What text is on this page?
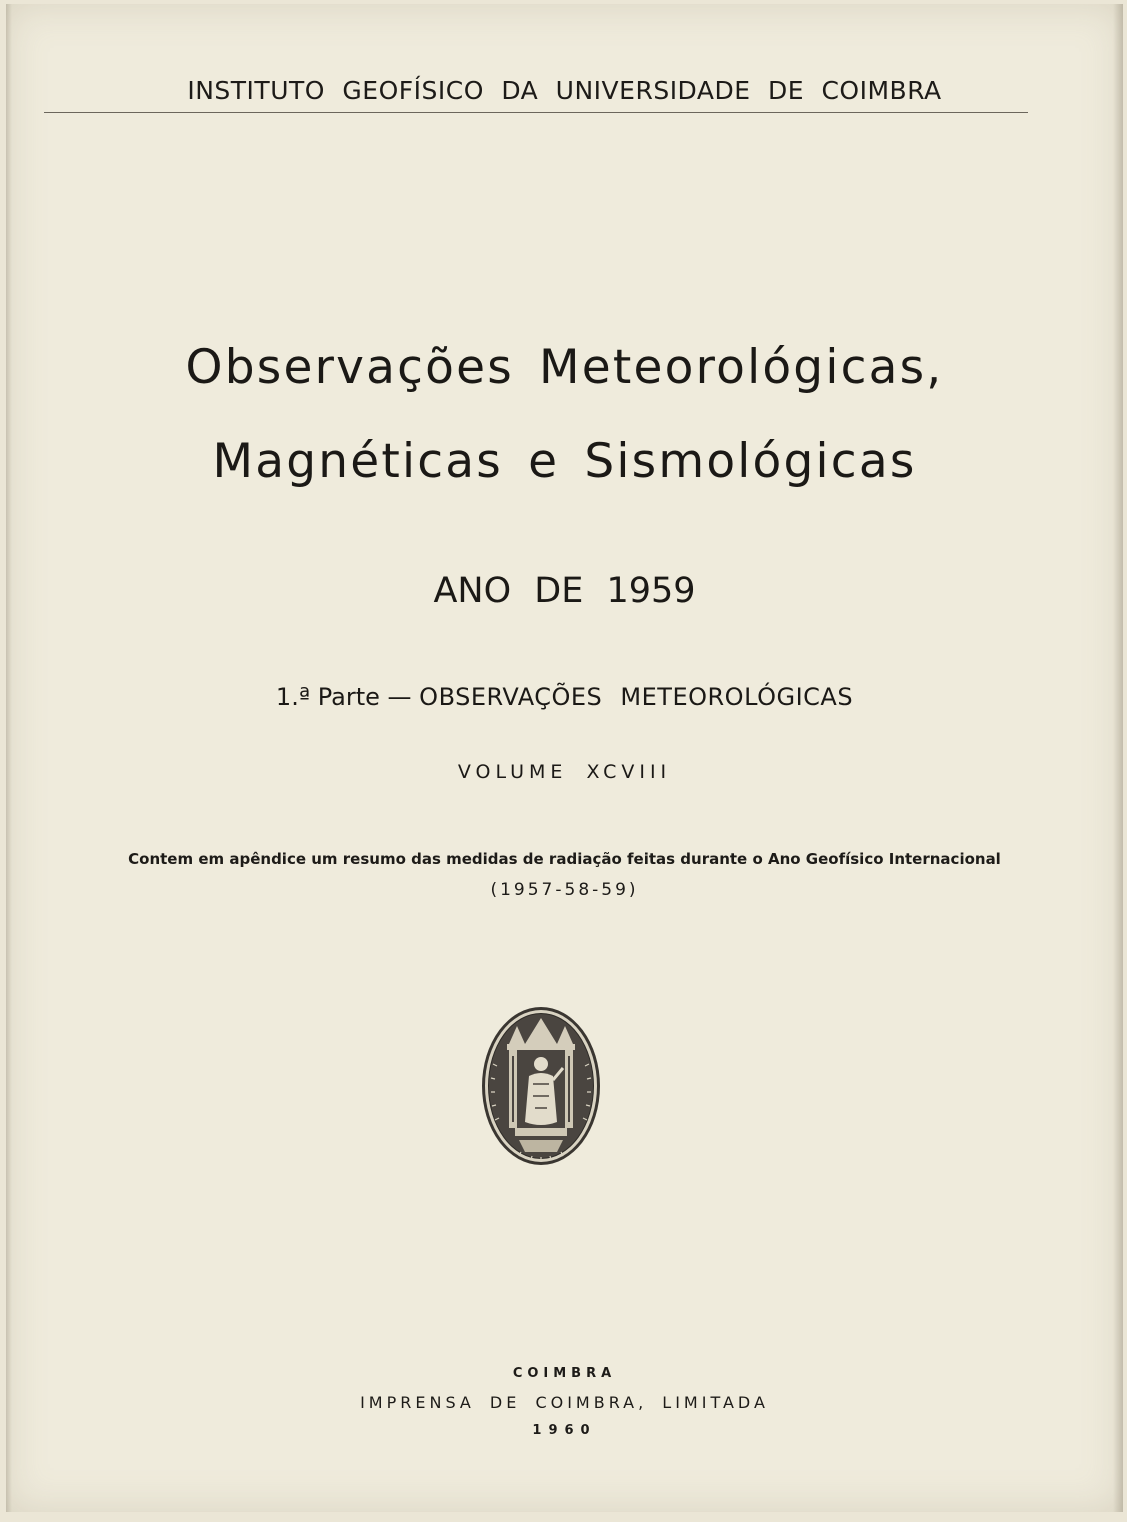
INSTITUTO GEOFÍSICO DA UNIVERSIDADE DE COIMBRA
Observações Meteorológicas,
Magnéticas e Sismológicas
ANO DE 1959
1.ª Parte — OBSERVAÇÕES METEOROLÓGICAS
VOLUME XCVIII
Contem em apêndice um resumo das medidas de radiação feitas durante o Ano Geofísico Internacional
(1957-58-59)
COIMBRA
IMPRENSA DE COIMBRA, LIMITADA
1960
